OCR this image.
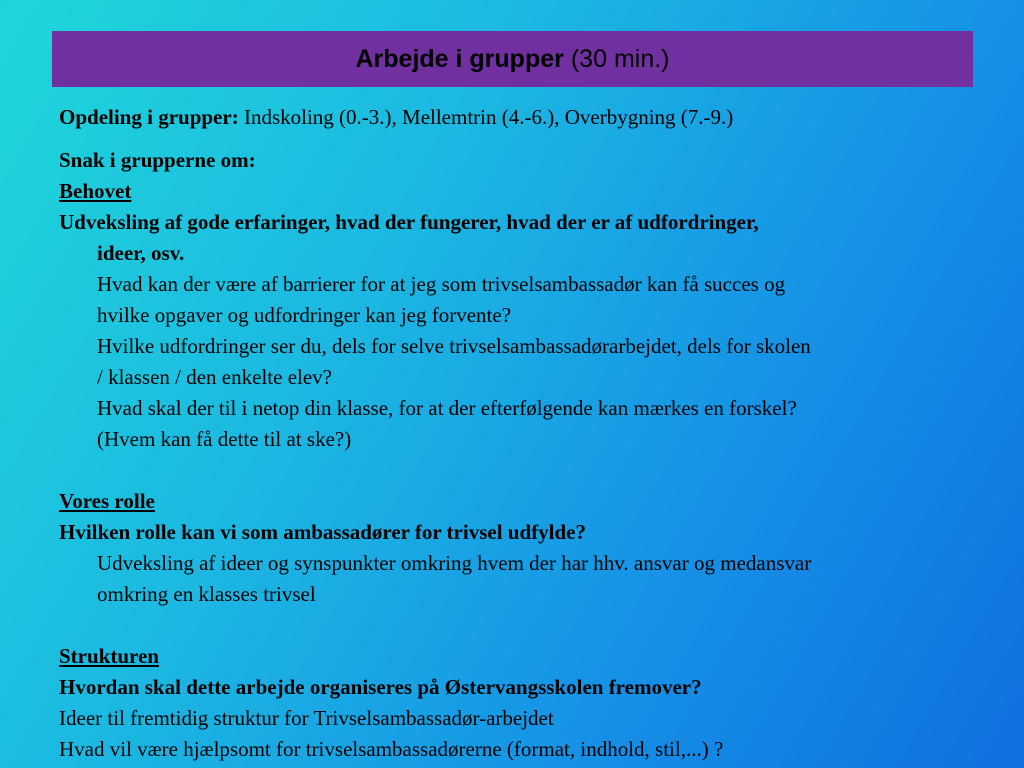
Arbejde i grupper (30 min.)
Opdeling i grupper: Indskoling (0.-3.), Mellemtrin (4.-6.), Overbygning (7.-9.)
Snak i grupperne om:
Behovet
Udveksling af gode erfaringer, hvad der fungerer, hvad der er af udfordringer,
ideer, osv.
Hvad kan der være af barrierer for at jeg som trivselsambassadør kan få succes og
hvilke opgaver og udfordringer kan jeg forvente?
Hvilke udfordringer ser du, dels for selve trivselsambassadørarbejdet, dels for skolen
/ klassen / den enkelte elev?
Hvad skal der til i netop din klasse, for at der efterfølgende kan mærkes en forskel?
(Hvem kan få dette til at ske?)
Vores rolle
Hvilken rolle kan vi som ambassadører for trivsel udfylde?
Udveksling af ideer og synspunkter omkring hvem der har hhv. ansvar og medansvar
omkring en klasses trivsel
Strukturen
Hvordan skal dette arbejde organiseres på Østervangsskolen fremover?
Ideer til fremtidig struktur for Trivselsambassadør-arbejdet
Hvad vil være hjælpsomt for trivselsambassadørerne (format, indhold, stil,...) ?
